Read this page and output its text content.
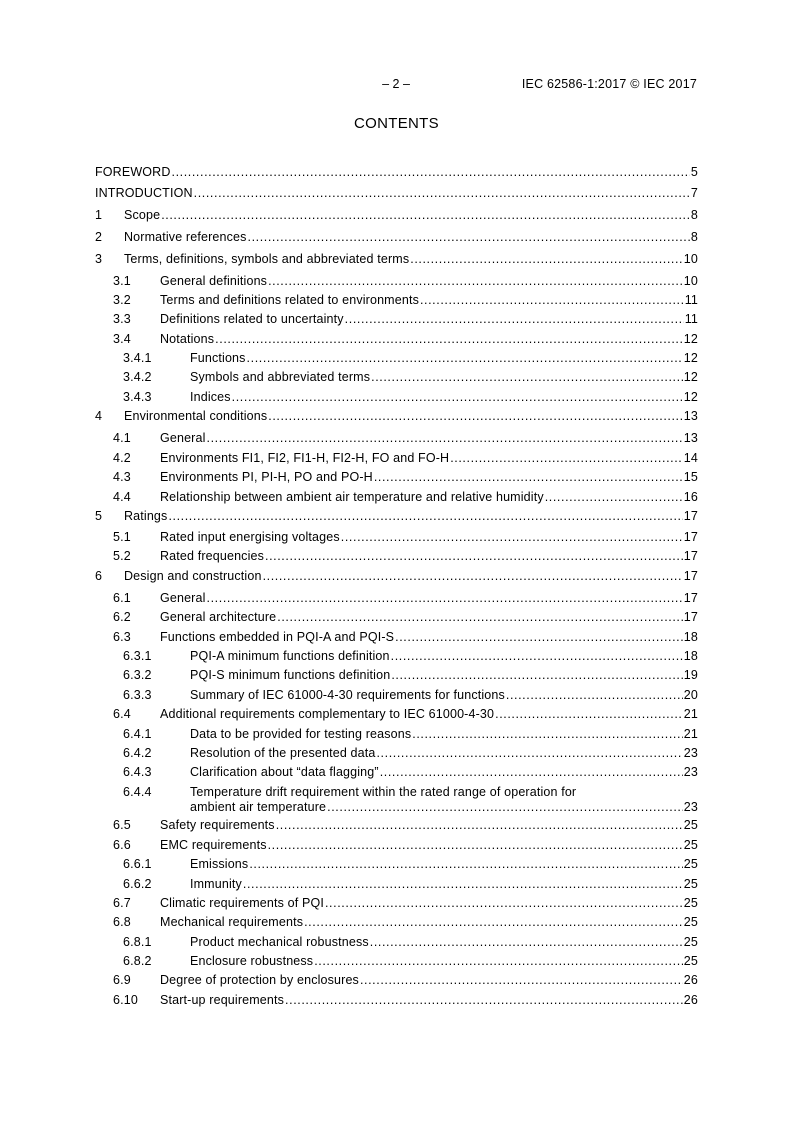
– 2 –	IEC 62586-1:2017 © IEC 2017
CONTENTS
FOREWORD .....	5
INTRODUCTION .....	7
1 Scope .....	8
2 Normative references .....	8
3 Terms, definitions, symbols and abbreviated terms .....	10
3.1 General definitions .....	10
3.2 Terms and definitions related to environments .....	11
3.3 Definitions related to uncertainty .....	11
3.4 Notations .....	12
3.4.1	Functions .....	12
3.4.2	Symbols and abbreviated terms .....	12
3.4.3	Indices .....	12
4 Environmental conditions .....	13
4.1 General .....	13
4.2 Environments FI1, FI2, FI1-H, FI2-H, FO and FO-H .....	14
4.3 Environments PI, PI-H, PO and PO-H .....	15
4.4 Relationship between ambient air temperature and relative humidity .....	16
5 Ratings .....	17
5.1 Rated input energising voltages .....	17
5.2 Rated frequencies .....	17
6 Design and construction .....	17
6.1 General .....	17
6.2 General architecture .....	17
6.3 Functions embedded in PQI-A and PQI-S .....	18
6.3.1	PQI-A minimum functions definition .....	18
6.3.2	PQI-S minimum functions definition .....	19
6.3.3	Summary of IEC 61000-4-30 requirements for functions .....	20
6.4 Additional requirements complementary to IEC 61000-4-30 .....	21
6.4.1	Data to be provided for testing reasons .....	21
6.4.2	Resolution of the presented data .....	23
6.4.3	Clarification about “data flagging” .....	23
6.4.4	Temperature drift requirement within the rated range of operation for
ambient air temperature .....	23
6.5 Safety requirements .....	25
6.6 EMC requirements .....	25
6.6.1	Emissions .....	25
6.6.2	Immunity .....	25
6.7 Climatic requirements of PQI .....	25
6.8 Mechanical requirements .....	25
6.8.1	Product mechanical robustness .....	25
6.8.2	Enclosure robustness .....	25
6.9 Degree of protection by enclosures .....	26
6.10 Start-up requirements .....	26
